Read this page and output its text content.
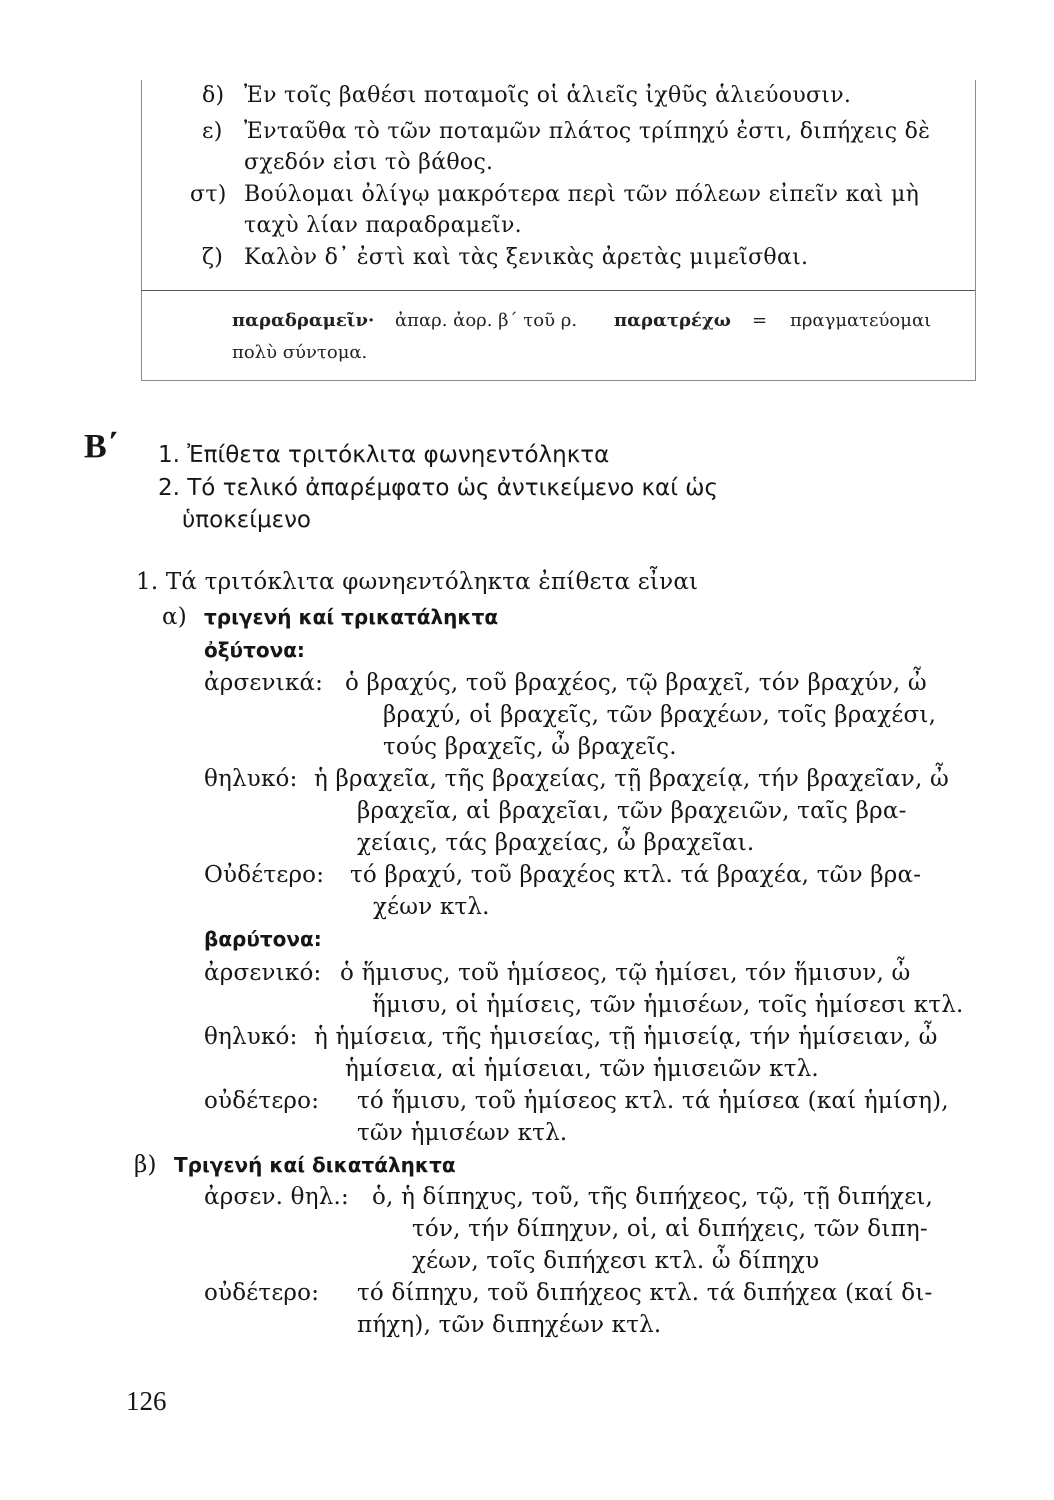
δ) Ἐν τοῖς βαθέσι ποταμοῖς οἱ ἁλιεῖς ἰχθῦς ἁλιεύουσιν.
ε) Ἐνταῦθα τὸ τῶν ποταμῶν πλάτος τρίπηχύ ἐστι, διπήχεις δὲ
σχεδόν εἰσι τὸ βάθος.
στ) Βούλομαι ὀλίγῳ μακρότερα περὶ τῶν πόλεων εἰπεῖν καὶ μὴ
ταχὺ λίαν παραδραμεῖν.
ζ) Καλὸν δ᾽ ἐστὶ καὶ τὰς ξενικὰς ἀρετὰς μιμεῖσθαι.
παραδραμεῖν· ἀπαρ. ἀορ. β΄ τοῦ ρ. παρατρέχω = πραγματεύομαι
πολὺ σύντομα.
Β΄ 1. Ἐπίθετα τριτόκλιτα φωνηεντόληκτα
2. Τό τελικό ἀπαρέμφατο ὡς ἀντικείμενο καί ὡς
ὑποκείμενο
1. Τά τριτόκλιτα φωνηεντόληκτα ἐπίθετα εἶναι
α) τριγενή καί τρικατάληκτα
ὀξύτονα:
ἀρσενικά: ὁ βραχύς, τοῦ βραχέος, τῷ βραχεῖ, τόν βραχύν, ὦ
βραχύ, οἱ βραχεῖς, τῶν βραχέων, τοῖς βραχέσι,
τούς βραχεῖς, ὦ βραχεῖς.
θηλυκό: ἡ βραχεῖα, τῆς βραχείας, τῇ βραχείᾳ, τήν βραχεῖαν, ὦ
βραχεῖα, αἱ βραχεῖαι, τῶν βραχειῶν, ταῖς βρα-
χείαις, τάς βραχείας, ὦ βραχεῖαι.
Οὐδέτερο: τό βραχύ, τοῦ βραχέος κτλ. τά βραχέα, τῶν βρα-
χέων κτλ.
βαρύτονα:
ἀρσενικό: ὁ ἥμισυς, τοῦ ἡμίσεος, τῷ ἡμίσει, τόν ἥμισυν, ὦ
ἥμισυ, οἱ ἡμίσεις, τῶν ἡμισέων, τοῖς ἡμίσεσι κτλ.
θηλυκό: ἡ ἡμίσεια, τῆς ἡμισείας, τῇ ἡμισείᾳ, τήν ἡμίσειαν, ὦ
ἡμίσεια, αἱ ἡμίσειαι, τῶν ἡμισειῶν κτλ.
οὐδέτερο: τό ἥμισυ, τοῦ ἡμίσεος κτλ. τά ἡμίσεα (καί ἡμίση),
τῶν ἡμισέων κτλ.
β) Τριγενή καί δικατάληκτα
ἀρσεν. θηλ.: ὁ, ἡ δίπηχυς, τοῦ, τῆς διπήχεος, τῷ, τῇ διπήχει,
τόν, τήν δίπηχυν, οἱ, αἱ διπήχεις, τῶν διπη-
χέων, τοῖς διπήχεσι κτλ. ὦ δίπηχυ
οὐδέτερο: τό δίπηχυ, τοῦ διπήχεος κτλ. τά διπήχεα (καί δι-
πήχη), τῶν διπηχέων κτλ.
126
